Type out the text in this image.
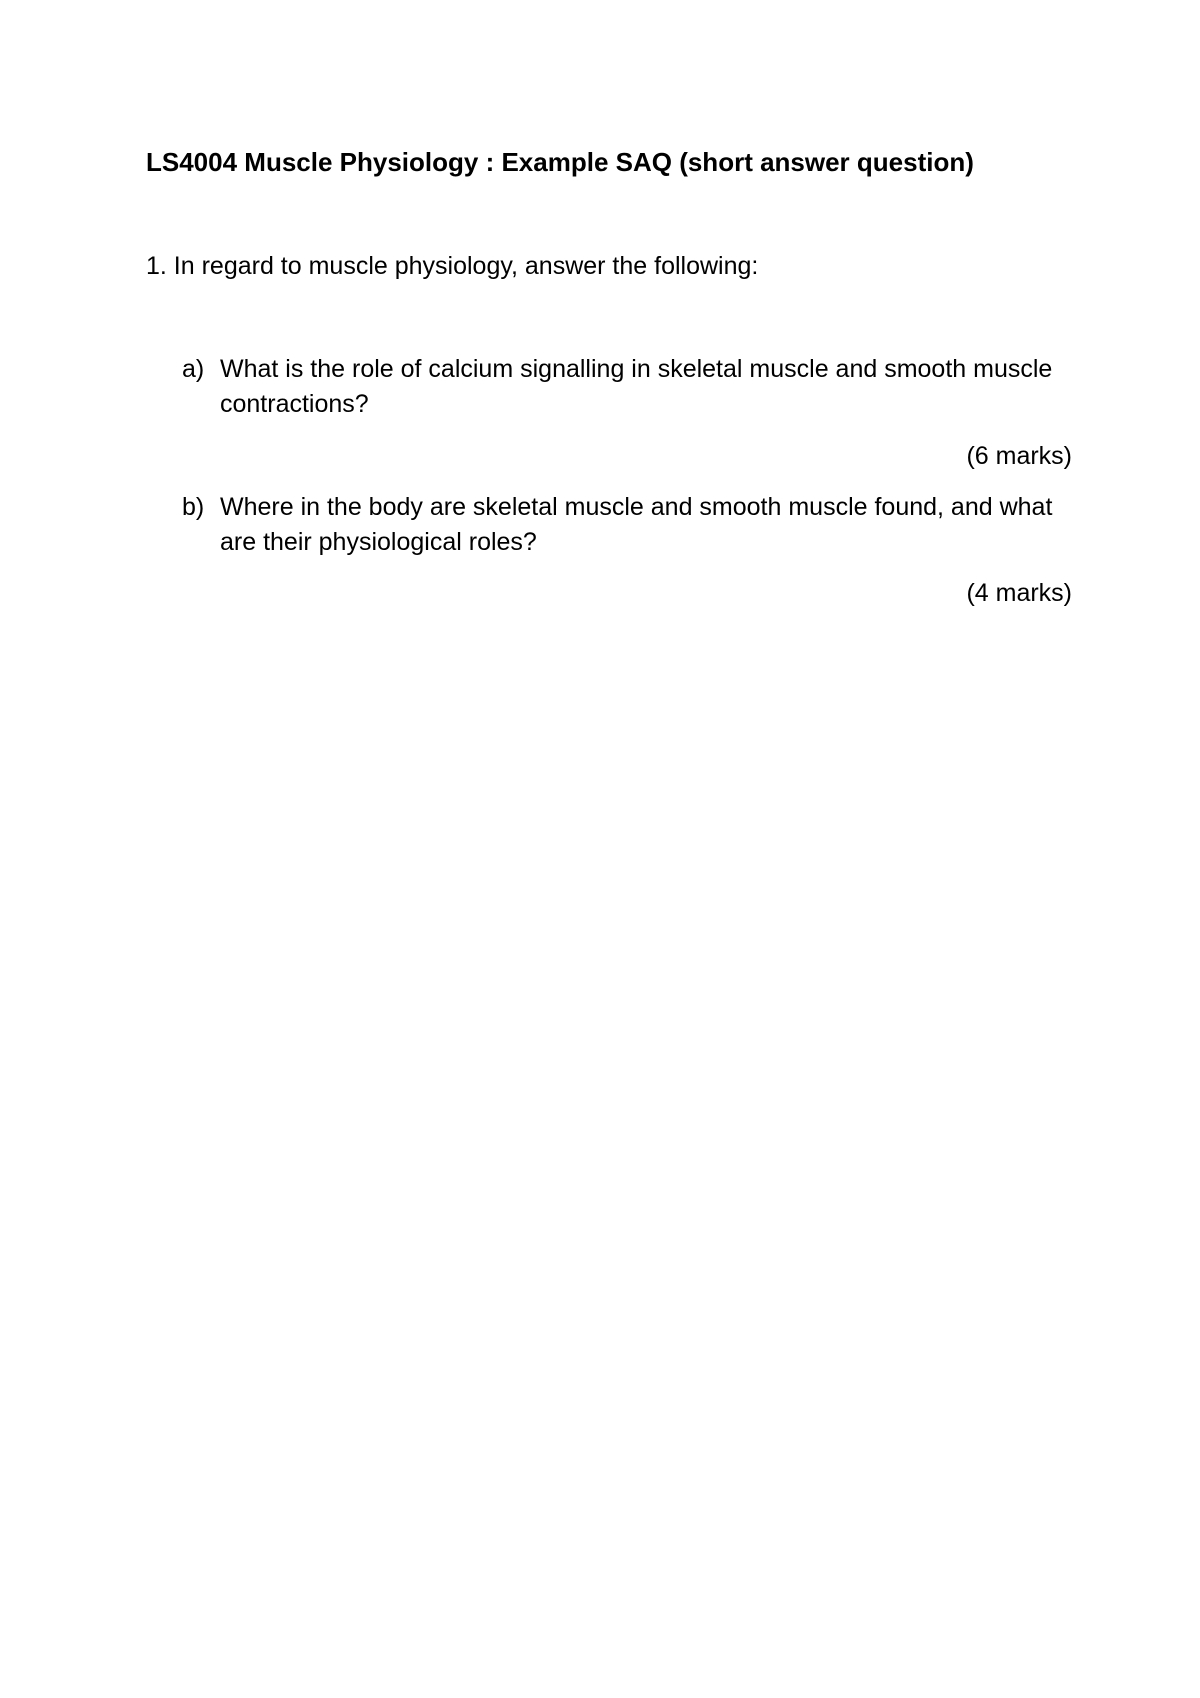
LS4004 Muscle Physiology : Example SAQ (short answer question)
1. In regard to muscle physiology, answer the following:
a) What is the role of calcium signalling in skeletal muscle and smooth muscle contractions?
(6 marks)
b) Where in the body are skeletal muscle and smooth muscle found, and what are their physiological roles?
(4 marks)
